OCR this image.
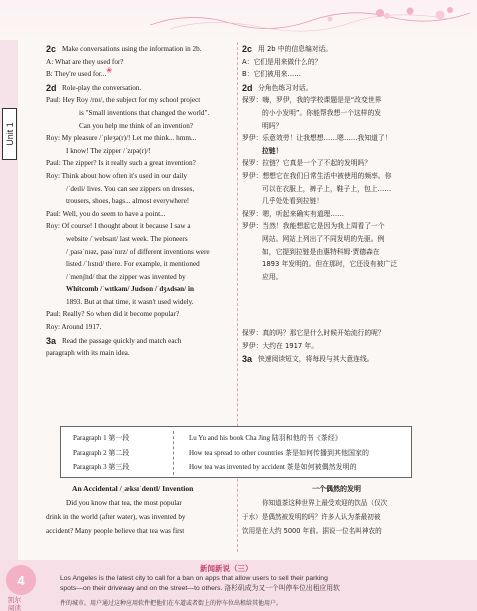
Unit 1
2c Make conversations using the information in 2b.
A: What are they used for?
B: They're used for...❀
2d Role-play the conversation.
Paul: Hey Roy /rɒɪ/, the subject for my school project
is "Small inventions that changed the world".
Can you help me think of an invention?
Roy: My pleasure /ˈpleʒə(r)/! Let me think... hmm...
I know! The zipper /ˈzɪpə(r)/!
Paul: The zipper? Is it really such a great invention?
Roy: Think about how often it's used in our daily
/ˈdeɪli/ lives. You can see zippers on dresses,
trousers, shoes, bags... almost everywhere!
Paul: Well, you do seem to have a point...
Roy: Of course! I thought about it because I saw a
website /ˈwebsaɪt/ last week. The pioneers
/ˌpaɪəˈnɪəz, paɪəˈnɪrz/ of different inventions were
listed /ˈlɪstɪd/ there. For example, it mentioned
/ˈmenʃnd/ that the zipper was invented by
Whitcomb /ˈwɪtkəm/ Judson /ˈdʒʌdsən/ in
1893. But at that time, it wasn't used widely.
Paul: Really? So when did it become popular?
Roy: Around 1917.
3a Read the passage quickly and match each
paragraph with its main idea.
2c 用 2b 中的信息编对话。
A：它们是用来做什么的？
B：它们被用来……
2d 分角色练习对话。
保罗：嗨，罗伊，我的学校课题是是“改变世界
的小小发明”。你能帮我想一个这样的发
明吗？
罗伊：乐意效劳！让我想想……嗯……我知道了！
拉链！
保罗：拉链？它真是一个了不起的发明吗？
罗伊：想想它在我们日常生活中被使用的频率。你
可以在衣服上，裤子上，鞋子上，包上……
几乎处处看到拉链！
保罗：嗯，听起来确实有道理……
罗伊：当然！我能想起它是因为我上周看了一个
网站。网站上列出了不同发明的先驱。例
如，它提到拉链是由惠特科姆·贾德森在
1893 年发明的。但在那时，它还没有被广泛
应用。
保罗：真的吗？那它是什么时候开始流行的呢？
罗伊：大约在 1917 年。
3a 快速阅读短文，将每段与其大意连线。
Paragraph 1 第一段
Paragraph 2 第二段
Paragraph 3 第三段
Lu Yu and his book Cha Jing 陆羽和他的书《茶经》
How tea spread to other countries 茶是如何传播到其他国家的
How tea was invented by accident 茶是如何被偶然发明的
An Accidental /ˌæksɪˈdentl/ Invention
Did you know that tea, the most popular
drink in the world (after water), was invented by
accident? Many people believe that tea was first
一个偶然的发明
你知道茶这种世界上最受欢迎的饮品（仅次
于水）是偶然被发明的吗？许多人认为茶最初被
饮用是在大约 5000 年前。据说一位名叫神农的
4
凯尔
阅读
新闻新说（三）
Los Angeles is the latest city to call for a ban on apps that allow users to sell their parking
spots—on their driveway and on the street—to others. 洛杉矶成为又一个叫停车位出租应用软
件的城市。用户通过这种应用软件把他们在车道或者街上的停车位出租给其他用户。
